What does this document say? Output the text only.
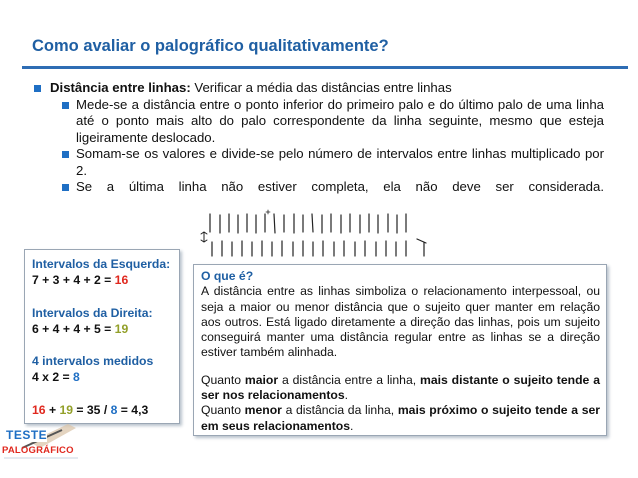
Como avaliar o palográfico qualitativamente?
Distância entre linhas: Verificar a média das distâncias entre linhas
Mede-se a distância entre o ponto inferior do primeiro palo e do último palo de uma linha até o ponto mais alto do palo correspondente da linha seguinte, mesmo que esteja ligeiramente deslocado.
Somam-se os valores e divide-se pelo número de intervalos entre linhas multiplicado por 2.
Se a última linha não estiver completa, ela não deve ser considerada.
Intervalos da Esquerda:
7 + 3 + 4 + 2 = 16
Intervalos da Direita:
6 + 4 + 4 + 5 = 19
4 intervalos medidos
4 x 2 = 8
16 + 19 = 35 / 8 = 4,3
O que é?
A distância entre as linhas simboliza o relacionamento interpessoal, ou seja a maior ou menor distância que o sujeito quer manter em relação aos outros. Está ligado diretamente a direção das linhas, pois um sujeito conseguirá manter uma distância regular entre as linhas se a direção estiver também alinhada.
Quanto maior a distância entre a linha, mais distante o sujeito tende a ser nos relacionamentos.
Quanto menor a distância da linha, mais próximo o sujeito tende a ser em seus relacionamentos.
TESTE
PALOGRÁFICO
